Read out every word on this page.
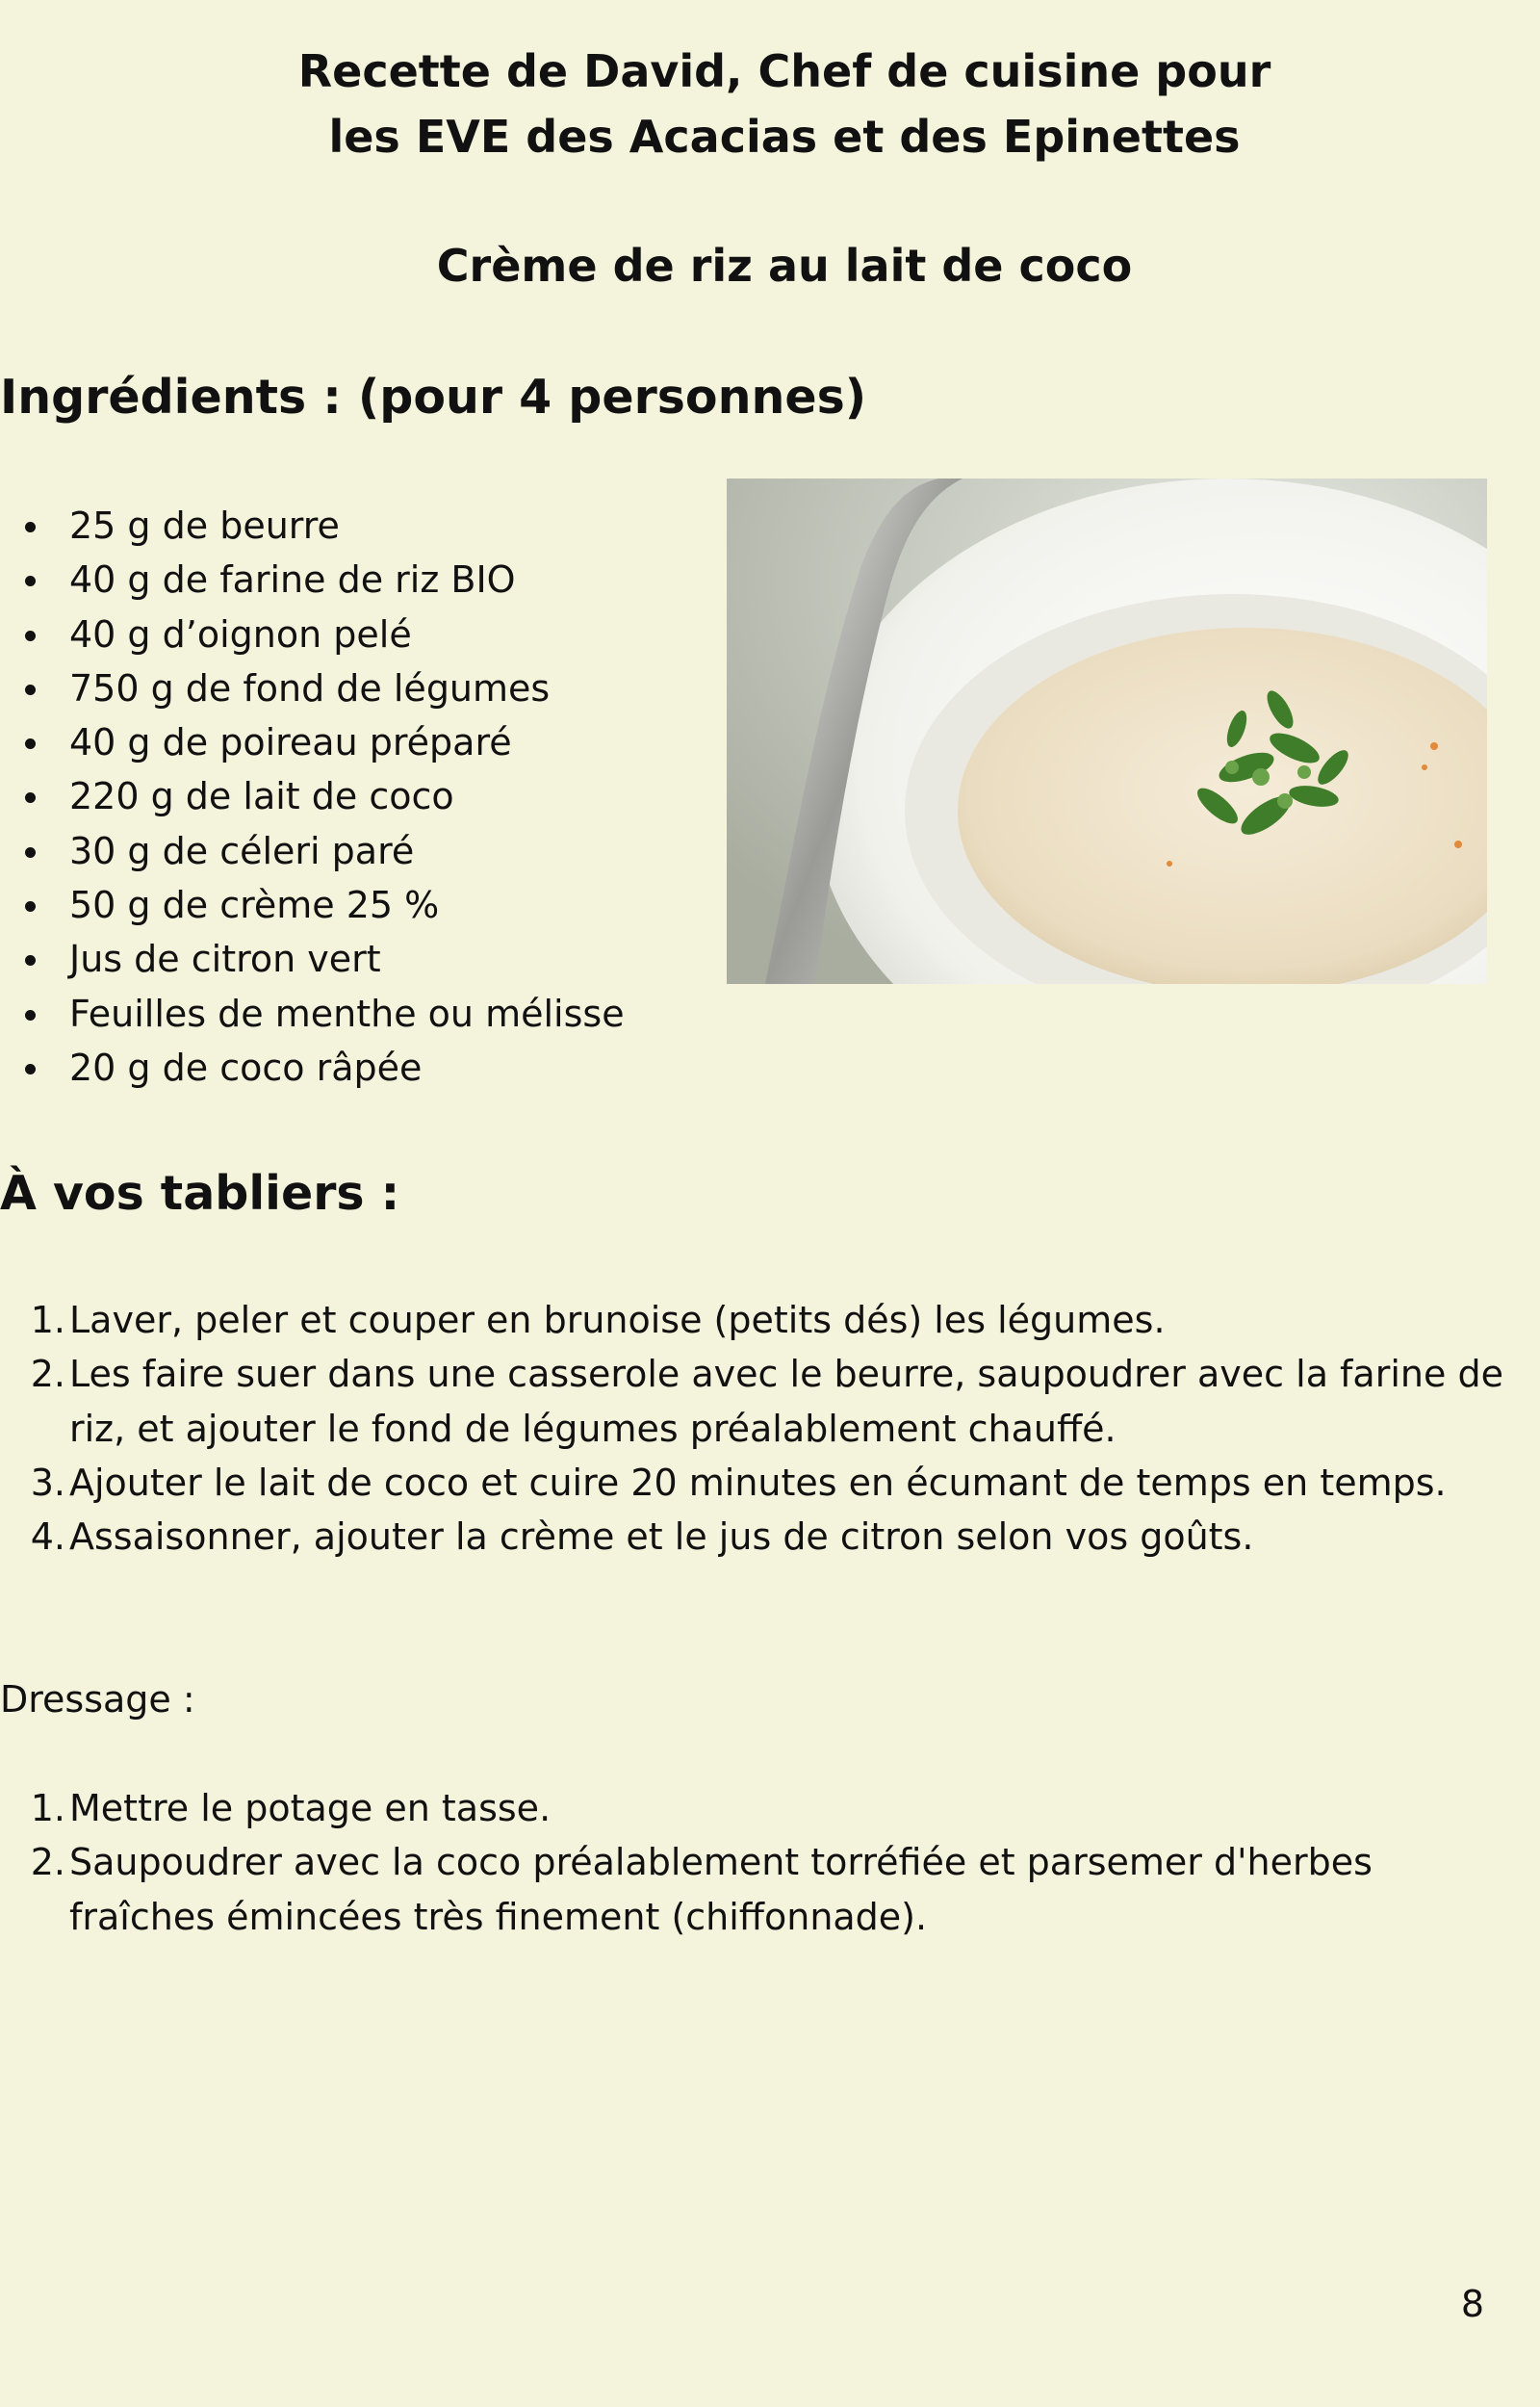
Recette de David, Chef de cuisine pour
les EVE des Acacias et des Epinettes
Crème de riz au lait de coco
Ingrédients : (pour 4 personnes)
25 g de beurre
40 g de farine de riz BIO
40 g d’oignon pelé
750 g de fond de légumes
40 g de poireau préparé
220 g de lait de coco
30 g de céleri paré
50 g de crème 25 %
Jus de citron vert
Feuilles de menthe ou mélisse
20 g de coco râpée
À vos tabliers :
1. Laver, peler et couper en brunoise (petits dés) les légumes.
2. Les faire suer dans une casserole avec le beurre, saupoudrer avec la farine de riz, et ajouter le fond de légumes préalablement chauffé.
3. Ajouter le lait de coco et cuire 20 minutes en écumant de temps en temps.
4. Assaisonner, ajouter la crème et le jus de citron selon vos goûts.

Dressage :

1. Mettre le potage en tasse.
2. Saupoudrer avec la coco préalablement torréfiée et parsemer d'herbes fraîches émincées très finement (chiffonnade).
8
